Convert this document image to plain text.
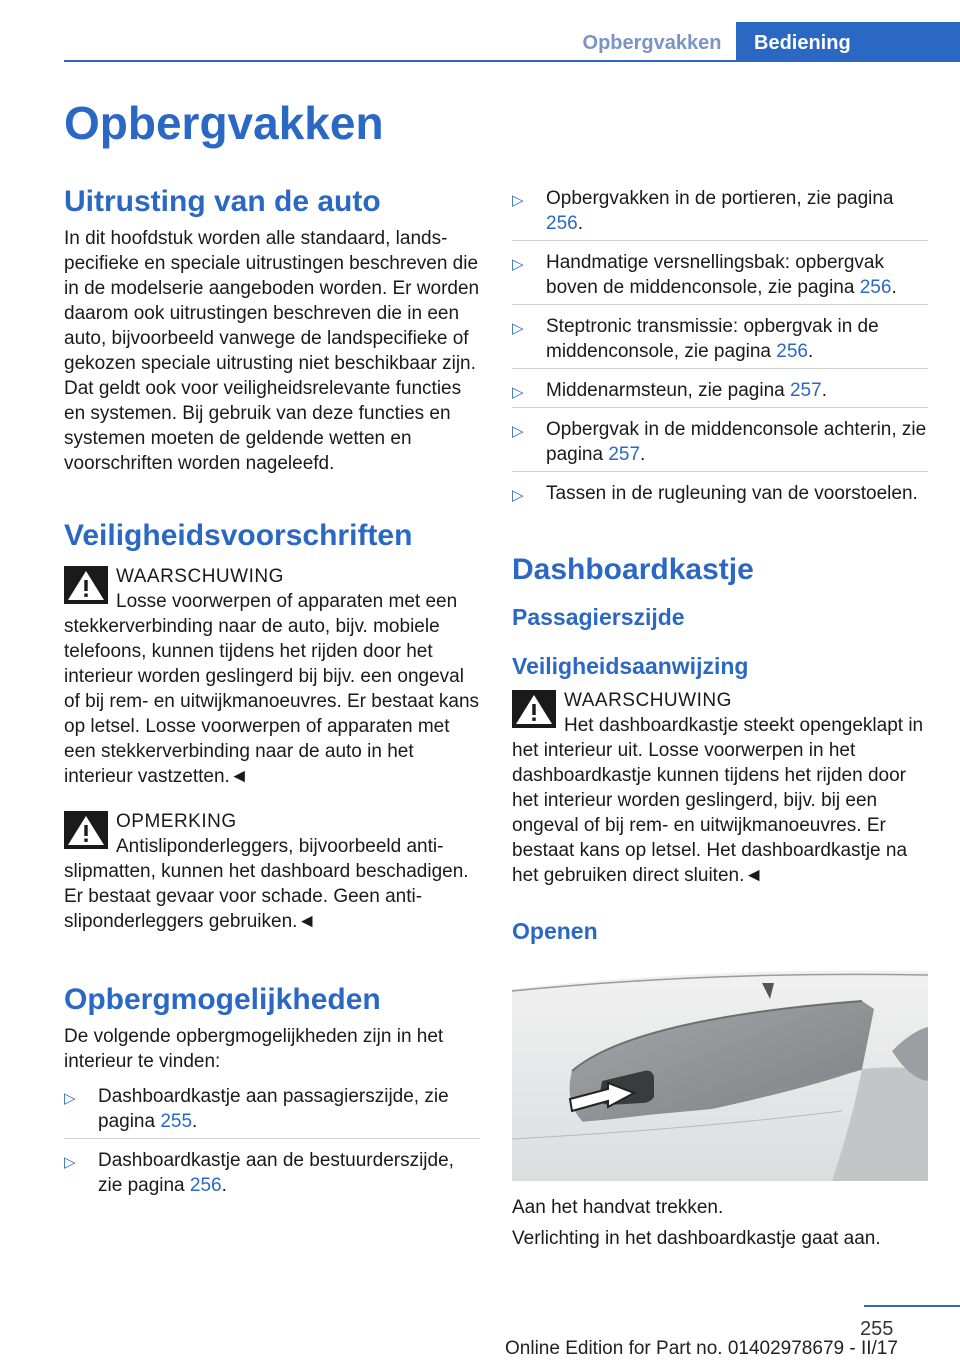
Opbergvakken	Bediening
Opbergvakken
Uitrusting van de auto

In dit hoofdstuk worden alle standaard, landspecifieke en speciale uitrustingen beschreven die in de modelserie aangeboden worden. Er worden daarom ook uitrustingen beschreven die in een auto, bijvoorbeeld vanwege de landspecifieke of gekozen speciale uitrusting niet beschikbaar zijn. Dat geldt ook voor veiligheidsrelevante functies en systemen. Bij gebruik van deze functies en systemen moeten de geldende wetten en voorschriften worden nageleefd.

Veiligheidsvoorschriften
WAARSCHUWING

Losse voorwerpen of apparaten met een stekkerverbinding naar de auto, bijv. mobiele telefoons, kunnen tijdens het rijden door het interieur worden geslingerd bij bijv. een ongeval of bij rem- en uitwijkmanoeuvres. Er bestaat kans op letsel. Losse voorwerpen of apparaten met een stekkerverbinding naar de auto in het interieur vastzetten.◄

OPMERKING

Antisliponderleggers, bijvoorbeeld antislipmatten, kunnen het dashboard beschadigen. Er bestaat gevaar voor schade. Geen antisliponderleggers gebruiken.◄

Opbergmogelijkheden

De volgende opbergmogelijkheden zijn in het interieur te vinden:

▷ Dashboardkastje aan passagierszijde, zie pagina 255.
▷ Dashboardkastje aan de bestuurderszijde, zie pagina 256.
▷ Opbergvakken in de portieren, zie pagina 256.
▷ Handmatige versnellingsbak: opbergvak boven de middenconsole, zie pagina 256.
▷ Steptronic transmissie: opbergvak in de middenconsole, zie pagina 256.
▷ Middenarmsteun, zie pagina 257.
▷ Opbergvak in de middenconsole achterin, zie pagina 257.
▷ Tassen in de rugleuning van de voorstoelen.
Dashboardkastje
Passagierszijde
Veiligheidsaanwijzing
WAARSCHUWING

Het dashboardkastje steekt opengeklapt in het interieur uit. Losse voorwerpen in het dashboardkastje kunnen tijdens het rijden door het interieur worden geslingerd, bijv. bij een ongeval of bij rem- en uitwijkmanoeuvres. Er bestaat kans op letsel. Het dashboardkastje na het gebruiken direct sluiten.◄

Openen

Aan het handvat trekken.

Verlichting in het dashboardkastje gaat aan.

255
Online Edition for Part no. 01402978679 - II/17
